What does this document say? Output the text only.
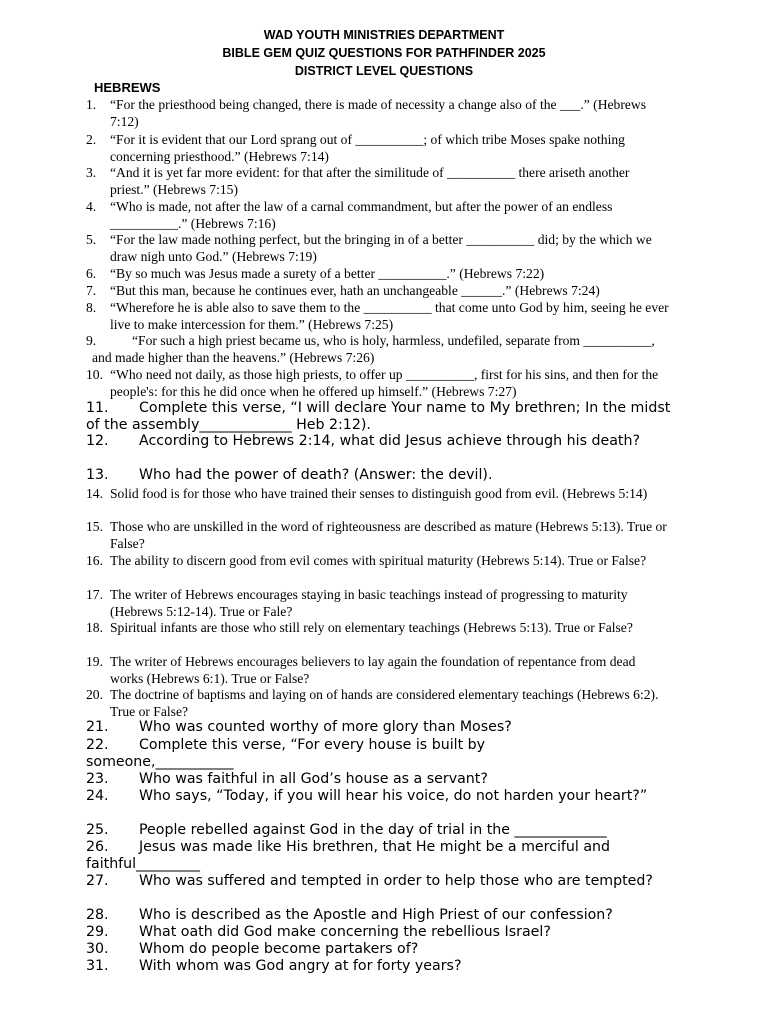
WAD YOUTH MINISTRIES DEPARTMENT
BIBLE GEM QUIZ QUESTIONS FOR PATHFINDER 2025
DISTRICT LEVEL QUESTIONS
HEBREWS
1. “For the priesthood being changed, there is made of necessity a change also of the ___.” (Hebrews 7:12)
2. “For it is evident that our Lord sprang out of __________; of which tribe Moses spake nothing concerning priesthood.” (Hebrews 7:14)
3. “And it is yet far more evident: for that after the similitude of __________ there ariseth another priest.” (Hebrews 7:15)
4. “Who is made, not after the law of a carnal commandment, but after the power of an endless __________.” (Hebrews 7:16)
5. “For the law made nothing perfect, but the bringing in of a better __________ did; by the which we draw nigh unto God.” (Hebrews 7:19)
6. “By so much was Jesus made a surety of a better __________.” (Hebrews 7:22)
7. “But this man, because he continues ever, hath an unchangeable ______.” (Hebrews 7:24)
8. “Wherefore he is able also to save them to the __________ that come unto God by him, seeing he ever live to make intercession for them.” (Hebrews 7:25)
9.	“For such a high priest became us, who is holy, harmless, undefiled, separate from __________, and made higher than the heavens.” (Hebrews 7:26)
10. “Who need not daily, as those high priests, to offer up __________, first for his sins, and then for the people's: for this he did once when he offered up himself.” (Hebrews 7:27)
11.	Complete this verse, “I will declare Your name to My brethren; In the midst of the assembly_____________ Heb 2:12).
12.	According to Hebrews 2:14, what did Jesus achieve through his death?
13.	Who had the power of death? (Answer: the devil).
14. Solid food is for those who have trained their senses to distinguish good from evil. (Hebrews 5:14)
15. Those who are unskilled in the word of righteousness are described as mature (Hebrews 5:13). True or False?
16. The ability to discern good from evil comes with spiritual maturity (Hebrews 5:14). True or False?
17. The writer of Hebrews encourages staying in basic teachings instead of progressing to maturity (Hebrews 5:12-14). True or Fale?
18. Spiritual infants are those who still rely on elementary teachings (Hebrews 5:13). True or False?
19. The writer of Hebrews encourages believers to lay again the foundation of repentance from dead works (Hebrews 6:1). True or False?
20. The doctrine of baptisms and laying on of hands are considered elementary teachings (Hebrews 6:2). True or False?
21.	Who was counted worthy of more glory than Moses?
22.	Complete this verse, “For every house is built by someone,___________
23.	Who was faithful in all God’s house as a servant?
24.	Who says, “Today, if you will hear his voice, do not harden your heart?”
25.	People rebelled against God in the day of trial in the _____________
26.	Jesus was made like His brethren, that He might be a merciful and faithful_________
27.	Who was suffered and tempted in order to help those who are tempted?
28.	Who is described as the Apostle and High Priest of our confession?
29.	What oath did God make concerning the rebellious Israel?
30.	Whom do people become partakers of?
31.	With whom was God angry at for forty years?
